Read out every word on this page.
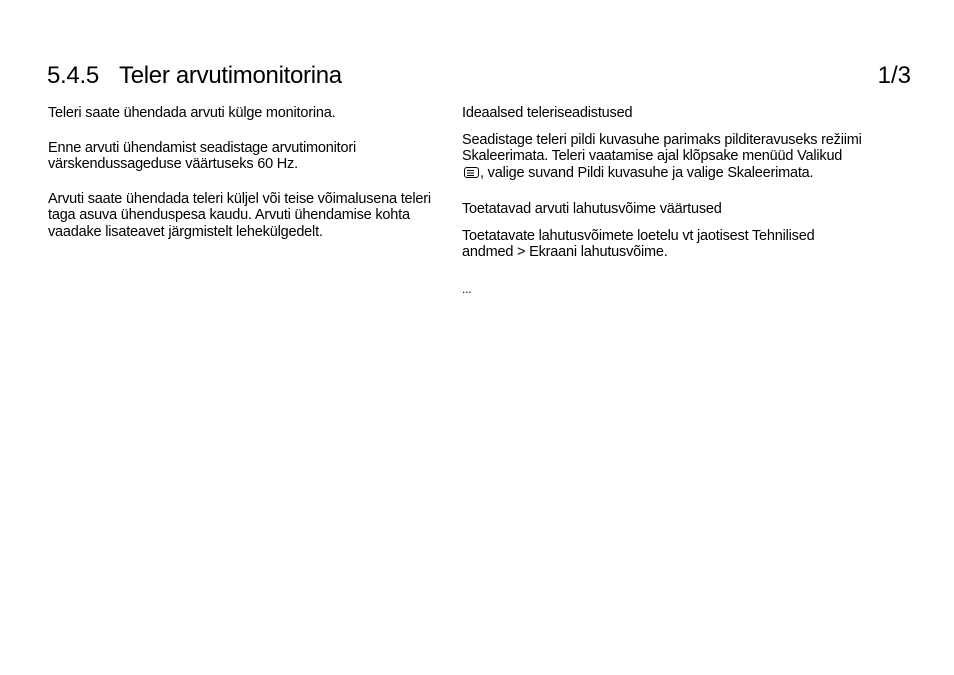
5.4.5 Teler arvutimonitorina	1/3

Teleri saate ühendada arvuti külge monitorina.

Enne arvuti ühendamist seadistage arvutimonitori värskendussageduse väärtuseks 60 Hz.

Arvuti saate ühendada teleri küljel või teise võimalusena teleri taga asuva ühenduspesa kaudu. Arvuti ühendamise kohta vaadake lisateavet järgmistelt lehekülgedelt.

Ideaalsed teleriseadistused

Seadistage teleri pildi kuvasuhe parimaks pilditeravuseks režiimi Skaleerimata. Teleri vaatamise ajal klõpsake menüüd Valikud , valige suvand Pildi kuvasuhe ja valige Skaleerimata.

Toetatavad arvuti lahutusvõime väärtused

Toetatavate lahutusvõimete loetelu vt jaotisest Tehnilised andmed > Ekraani lahutusvõime.

...
